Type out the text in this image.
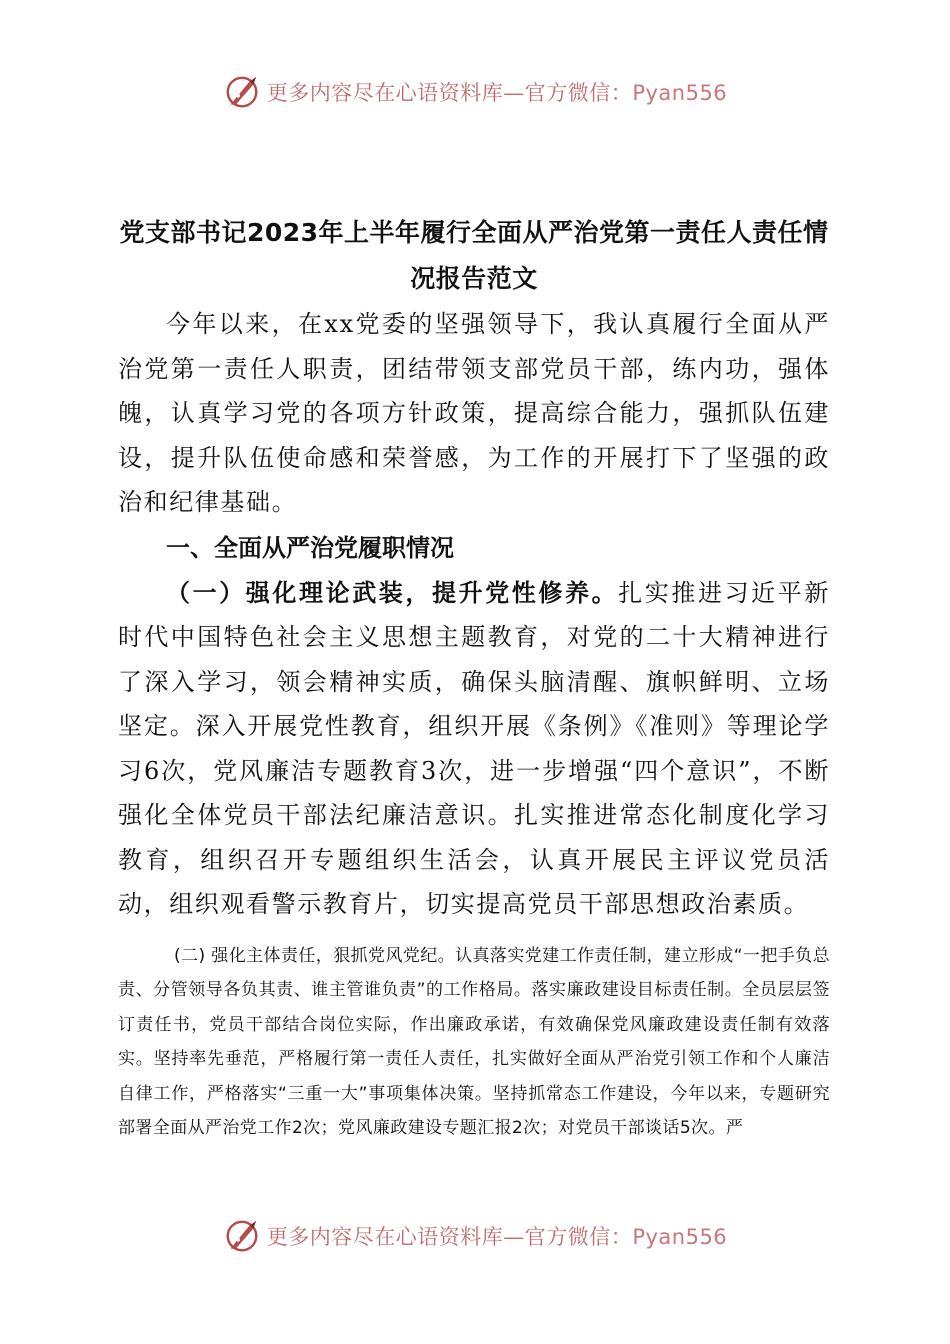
更多内容尽在心语资料库—官方微信：Pyan556
党支部书记2023年上半年履行全面从严治党第一责任人责任情
况报告范文

今年以来，在xx党委的坚强领导下，我认真履行全面从严治党第一责任人职责，团结带领支部党员干部，练内功，强体魄，认真学习党的各项方针政策，提高综合能力，强抓队伍建设，提升队伍使命感和荣誉感，为工作的开展打下了坚强的政治和纪律基础。

一、全面从严治党履职情况

（一）强化理论武装，提升党性修养。扎实推进习近平新时代中国特色社会主义思想主题教育，对党的二十大精神进行了深入学习，领会精神实质，确保头脑清醒、旗帜鲜明、立场坚定。深入开展党性教育，组织开展《条例》《准则》等理论学习6次，党风廉洁专题教育3次，进一步增强“四个意识”，不断强化全体党员干部法纪廉洁意识。扎实推进常态化制度化学习教育，组织召开专题组织生活会，认真开展民主评议党员活动，组织观看警示教育片，切实提高党员干部思想政治素质。

(二) 强化主体责任，狠抓党风党纪。认真落实党建工作责任制，建立形成“一把手负总责、分管领导各负其责、谁主管谁负责”的工作格局。落实廉政建设目标责任制。全员层层签订责任书，党员干部结合岗位实际，作出廉政承诺，有效确保党风廉政建设责任制有效落实。坚持率先垂范，严格履行第一责任人责任，扎实做好全面从严治党引领工作和个人廉洁自律工作，严格落实“三重一大”事项集体决策。坚持抓常态工作建设，今年以来，专题研究部署全面从严治党工作2次；党风廉政建设专题汇报2次；对党员干部谈话5次。严

更多内容尽在心语资料库—官方微信：Pyan556
